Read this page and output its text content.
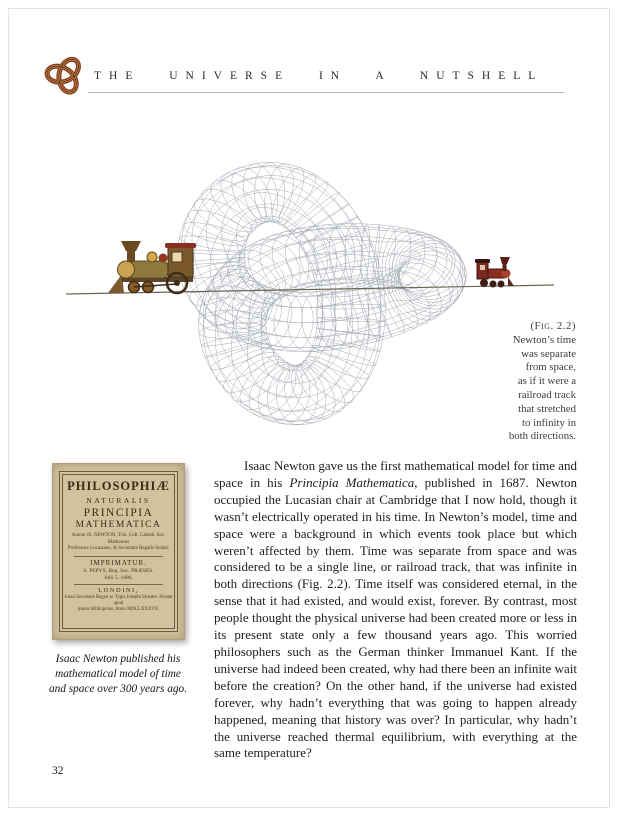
THE UNIVERSE IN A NUTSHELL
(Fig. 2.2)
Newton’s time
was separate
from space,
as if it were a
railroad track
that stretched
to infinity in
both directions.
PHILOSOPHIÆ
NATURALIS
PRINCIPIA
MATHEMATICA
Autore JS. NEWTON, Trin. Coll. Cantab. Soc. Matheseos
Professore Lucasiano, & Societatis Regalis Sodali.
IMPRIMATUR.
S. PEPYS, Reg. Soc. PRÆSES.
Julii 5. 1686.
LONDINI,
Jussu Societatis Regiæ ac Typis Josephi Streater. Prostat apud
plures Bibliopolas. Anno MDCLXXXVII.
Isaac Newton published his
mathematical model of time
and space over 300 years ago.

Isaac Newton gave us the first mathematical model for time and space in his Principia Mathematica, published in 1687. Newton occupied the Lucasian chair at Cambridge that I now hold, though it wasn’t electrically operated in his time. In Newton’s model, time and space were a background in which events took place but which weren’t affected by them. Time was separate from space and was considered to be a single line, or railroad track, that was infinite in both directions (Fig. 2.2). Time itself was considered eternal, in the sense that it had existed, and would exist, forever. By contrast, most people thought the physical universe had been created more or less in its present state only a few thousand years ago. This worried philosophers such as the German thinker Immanuel Kant. If the universe had indeed been created, why had there been an infinite wait before the creation? On the other hand, if the universe had existed forever, why hadn’t everything that was going to happen already happened, meaning that history was over? In particular, why hadn’t the universe reached thermal equilibrium, with everything at the same temperature?

32
